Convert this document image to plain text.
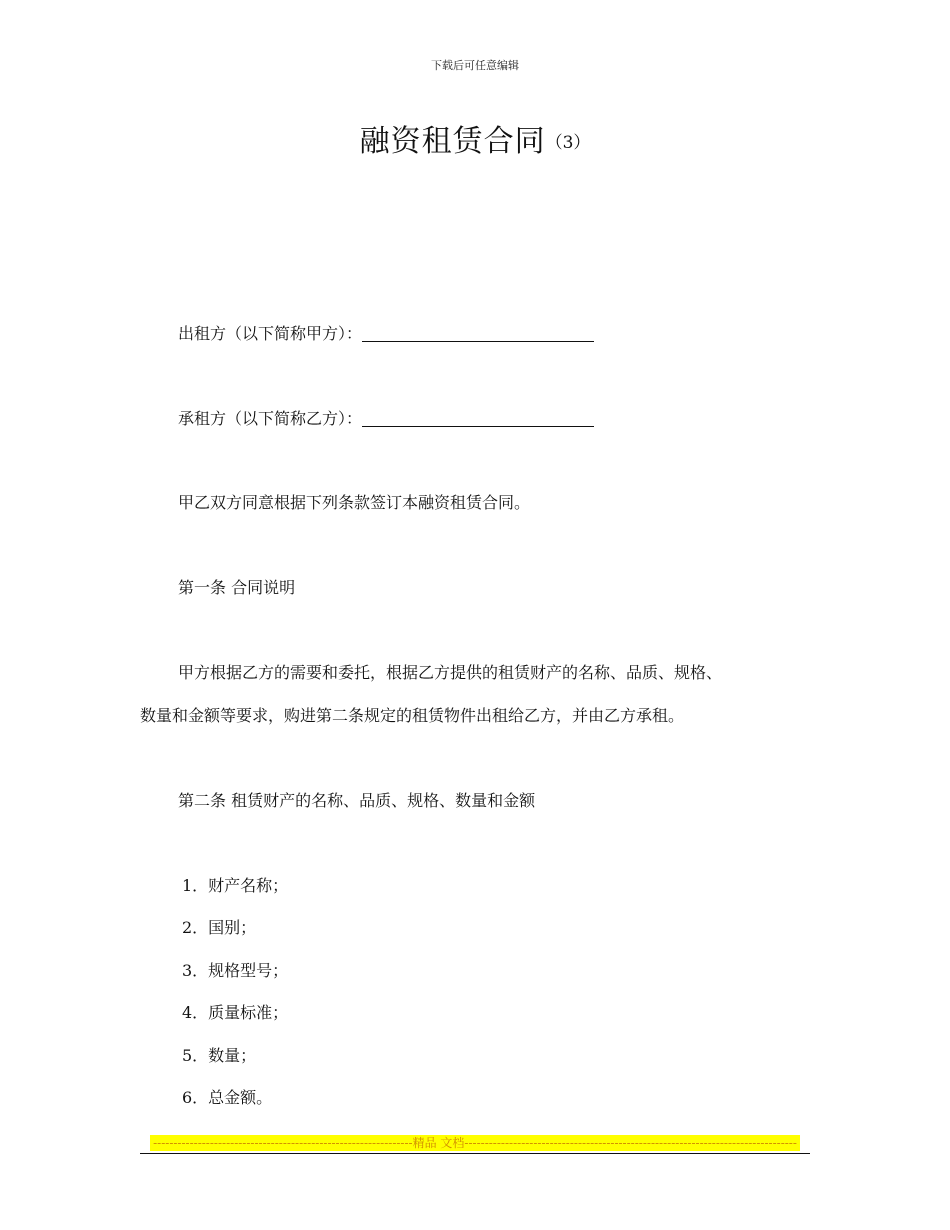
下载后可任意编辑
融资租赁合同（3）
出租方（以下简称甲方）：
承租方（以下简称乙方）：
甲乙双方同意根据下列条款签订本融资租赁合同。
第一条 合同说明
甲方根据乙方的需要和委托，根据乙方提供的租赁财产的名称、品质、规格、
数量和金额等要求，购进第二条规定的租赁物件出租给乙方，并由乙方承租。
第二条 租赁财产的名称、品质、规格、数量和金额
1．财产名称；
2．国别；
3．规格型号；
4．质量标准；
5．数量；
6．总金额。
----------------------------------------------------------------精品 文档----------------------------------------------------------------------------------
